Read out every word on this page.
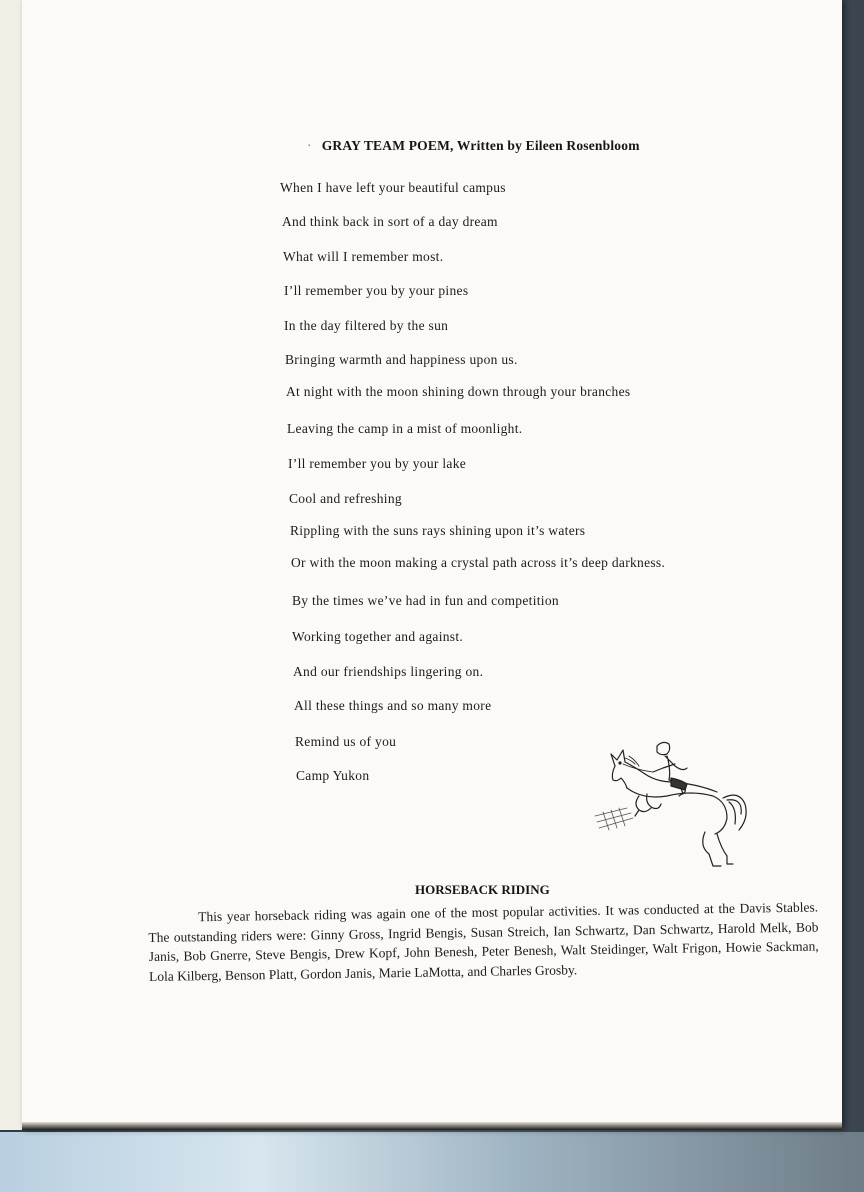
· GRAY TEAM POEM, Written by Eileen Rosenbloom
When I have left your beautiful campus
And think back in sort of a day dream
What will I remember most.
I’ll remember you by your pines
In the day filtered by the sun
Bringing warmth and happiness upon us.
At night with the moon shining down through your branches
Leaving the camp in a mist of moonlight.
I’ll remember you by your lake
Cool and refreshing
Rippling with the suns rays shining upon it’s waters
Or with the moon making a crystal path across it’s deep darkness.
By the times we’ve had in fun and competition
Working together and against.
And our friendships lingering on.
All these things and so many more
Remind us of you
Camp Yukon
HORSEBACK RIDING
This year horseback riding was again one of the most popular activities. It was conducted at the Davis Stables. The outstanding riders were: Ginny Gross, Ingrid Bengis, Susan Streich, Ian Schwartz, Dan Schwartz, Harold Melk, Bob Janis, Bob Gnerre, Steve Bengis, Drew Kopf, John Benesh, Peter Benesh, Walt Steidinger, Walt Frigon, Howie Sackman, Lola Kilberg, Benson Platt, Gordon Janis, Marie LaMotta, and Charles Grosby.
